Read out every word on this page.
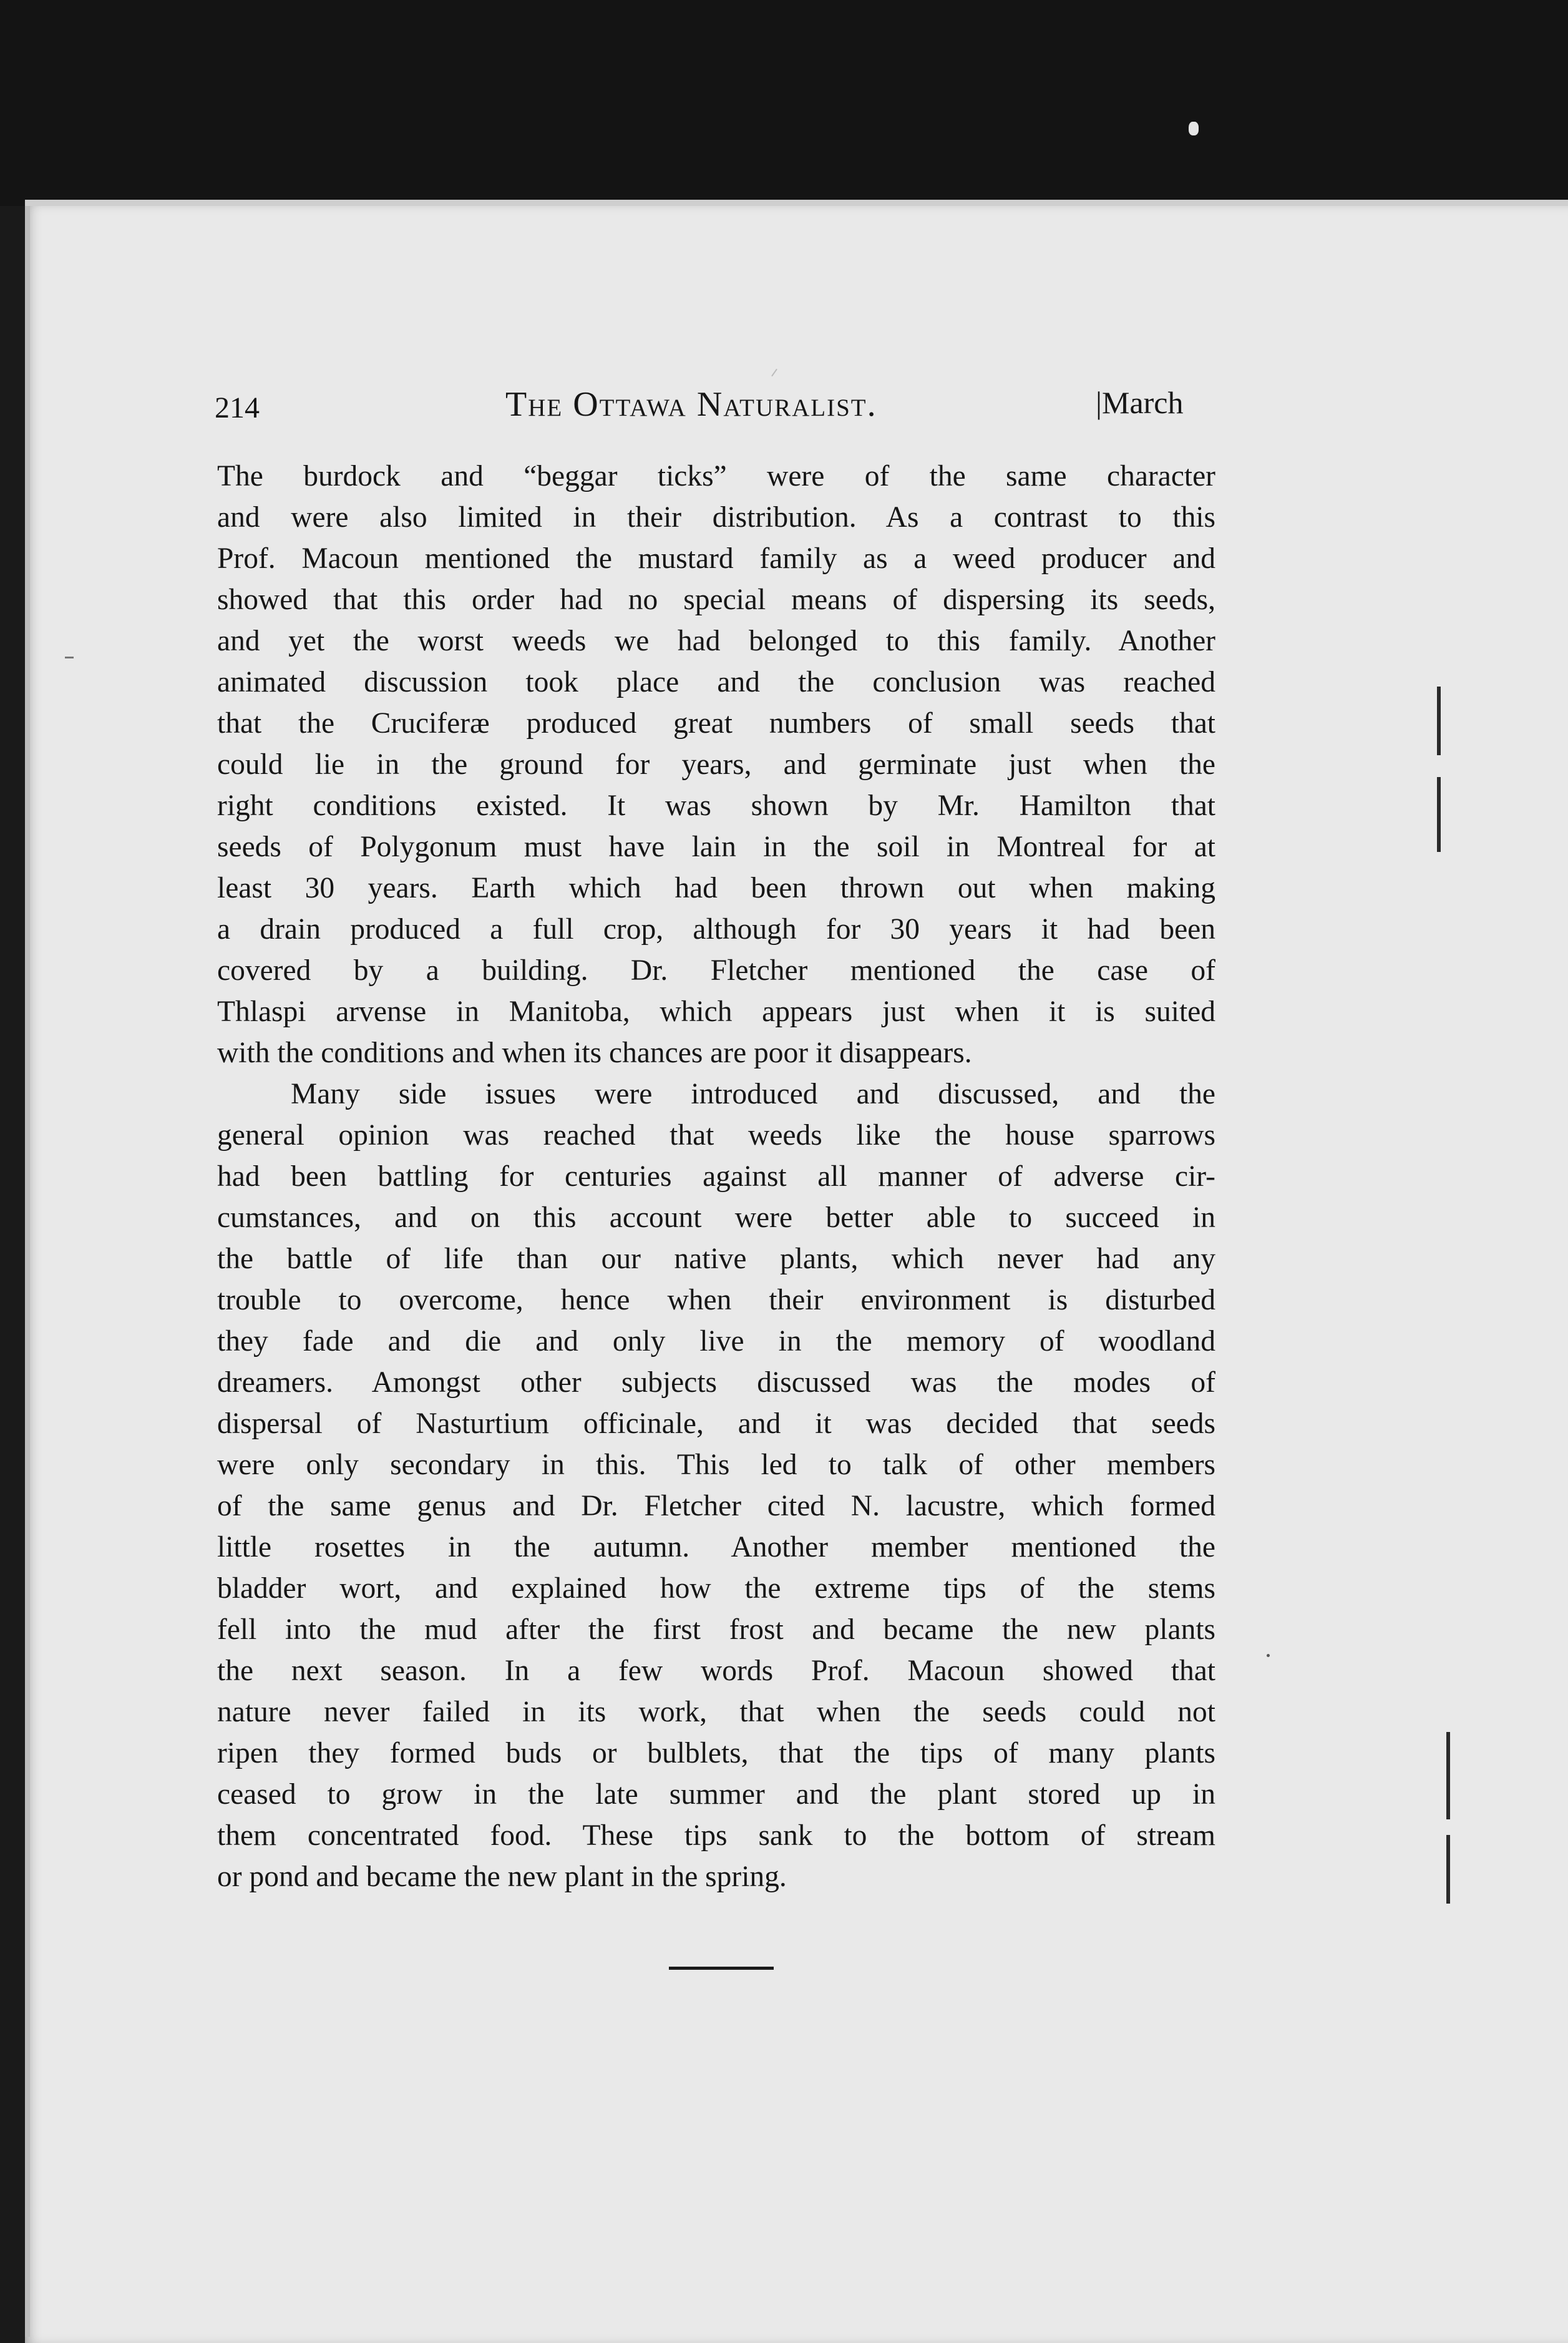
214	The Ottawa Naturalist.	|March
The burdock and “beggar ticks” were of the same character
and were also limited in their distribution. As a contrast to this
Prof. Macoun mentioned the mustard family as a weed producer and
showed that this order had no special means of dispersing its seeds,
and yet the worst weeds we had belonged to this family. Another
animated discussion took place and the conclusion was reached
that the Cruciferæ produced great numbers of small seeds that
could lie in the ground for years, and germinate just when the
right conditions existed. It was shown by Mr. Hamilton that
seeds of Polygonum must have lain in the soil in Montreal for at
least 30 years. Earth which had been thrown out when making
a drain produced a full crop, although for 30 years it had been
covered by a building. Dr. Fletcher mentioned the case of
Thlaspi arvense in Manitoba, which appears just when it is suited
with the conditions and when its chances are poor it disappears.
Many side issues were introduced and discussed, and the
general opinion was reached that weeds like the house sparrows
had been battling for centuries against all manner of adverse cir-
cumstances, and on this account were better able to succeed in
the battle of life than our native plants, which never had any
trouble to overcome, hence when their environment is disturbed
they fade and die and only live in the memory of woodland
dreamers. Amongst other subjects discussed was the modes of
dispersal of Nasturtium officinale, and it was decided that seeds
were only secondary in this. This led to talk of other members
of the same genus and Dr. Fletcher cited N. lacustre, which formed
little rosettes in the autumn. Another member mentioned the
bladder wort, and explained how the extreme tips of the stems
fell into the mud after the first frost and became the new plants
the next season. In a few words Prof. Macoun showed that
nature never failed in its work, that when the seeds could not
ripen they formed buds or bulblets, that the tips of many plants
ceased to grow in the late summer and the plant stored up in
them concentrated food. These tips sank to the bottom of stream
or pond and became the new plant in the spring.
